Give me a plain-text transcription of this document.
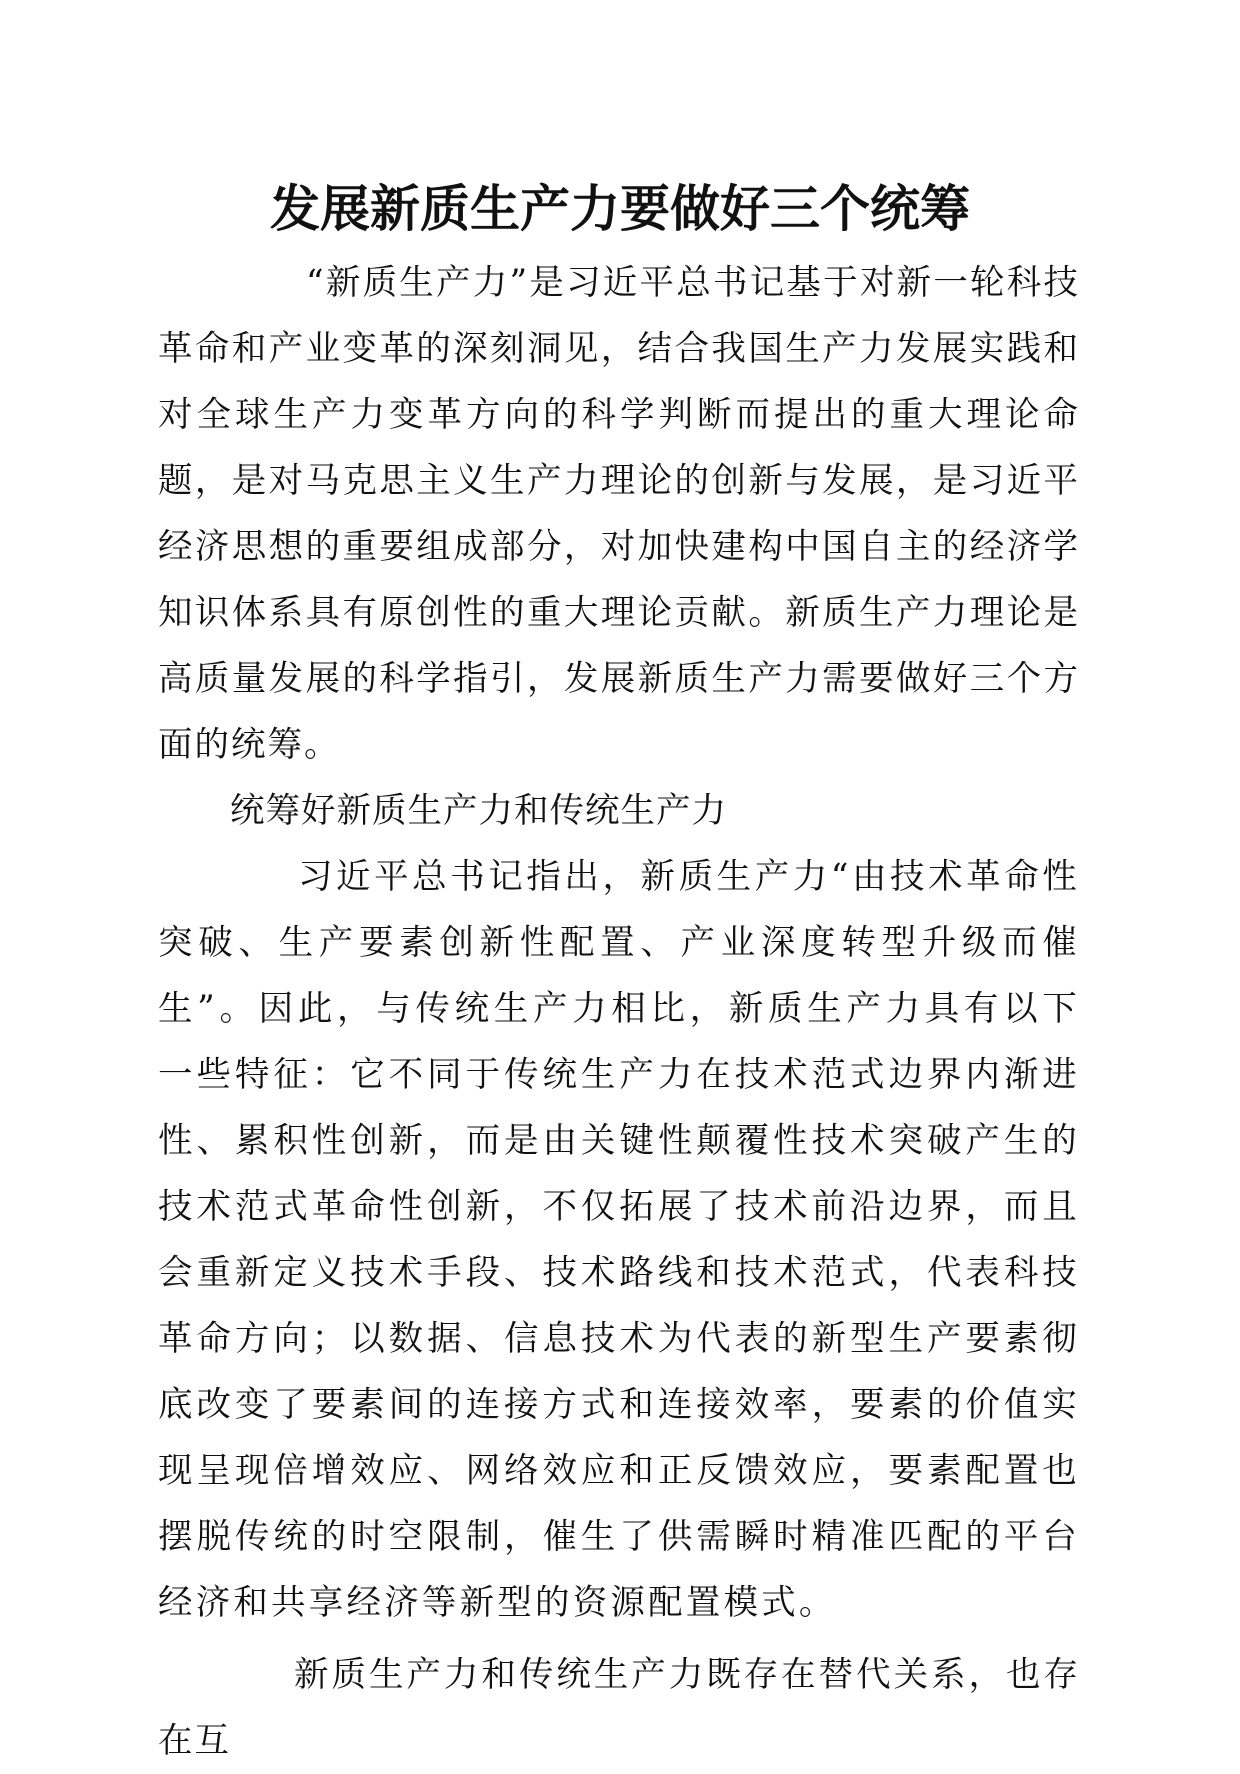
发展新质生产力要做好三个统筹

“新质生产力”是习近平总书记基于对新一轮科技革命和产业变革的深刻洞见，结合我国生产力发展实践和对全球生产力变革方向的科学判断而提出的重大理论命题，是对马克思主义生产力理论的创新与发展，是习近平经济思想的重要组成部分，对加快建构中国自主的经济学知识体系具有原创性的重大理论贡献。新质生产力理论是高质量发展的科学指引，发展新质生产力需要做好三个方面的统筹。

统筹好新质生产力和传统生产力

习近平总书记指出，新质生产力“由技术革命性突破、生产要素创新性配置、产业深度转型升级而催生”。因此，与传统生产力相比，新质生产力具有以下一些特征：它不同于传统生产力在技术范式边界内渐进性、累积性创新，而是由关键性颠覆性技术突破产生的技术范式革命性创新，不仅拓展了技术前沿边界，而且会重新定义技术手段、技术路线和技术范式，代表科技革命方向；以数据、信息技术为代表的新型生产要素彻底改变了要素间的连接方式和连接效率，要素的价值实现呈现倍增效应、网络效应和正反馈效应，要素配置也摆脱传统的时空限制，催生了供需瞬时精准匹配的平台经济和共享经济等新型的资源配置模式。

新质生产力和传统生产力既存在替代关系，也存在互
